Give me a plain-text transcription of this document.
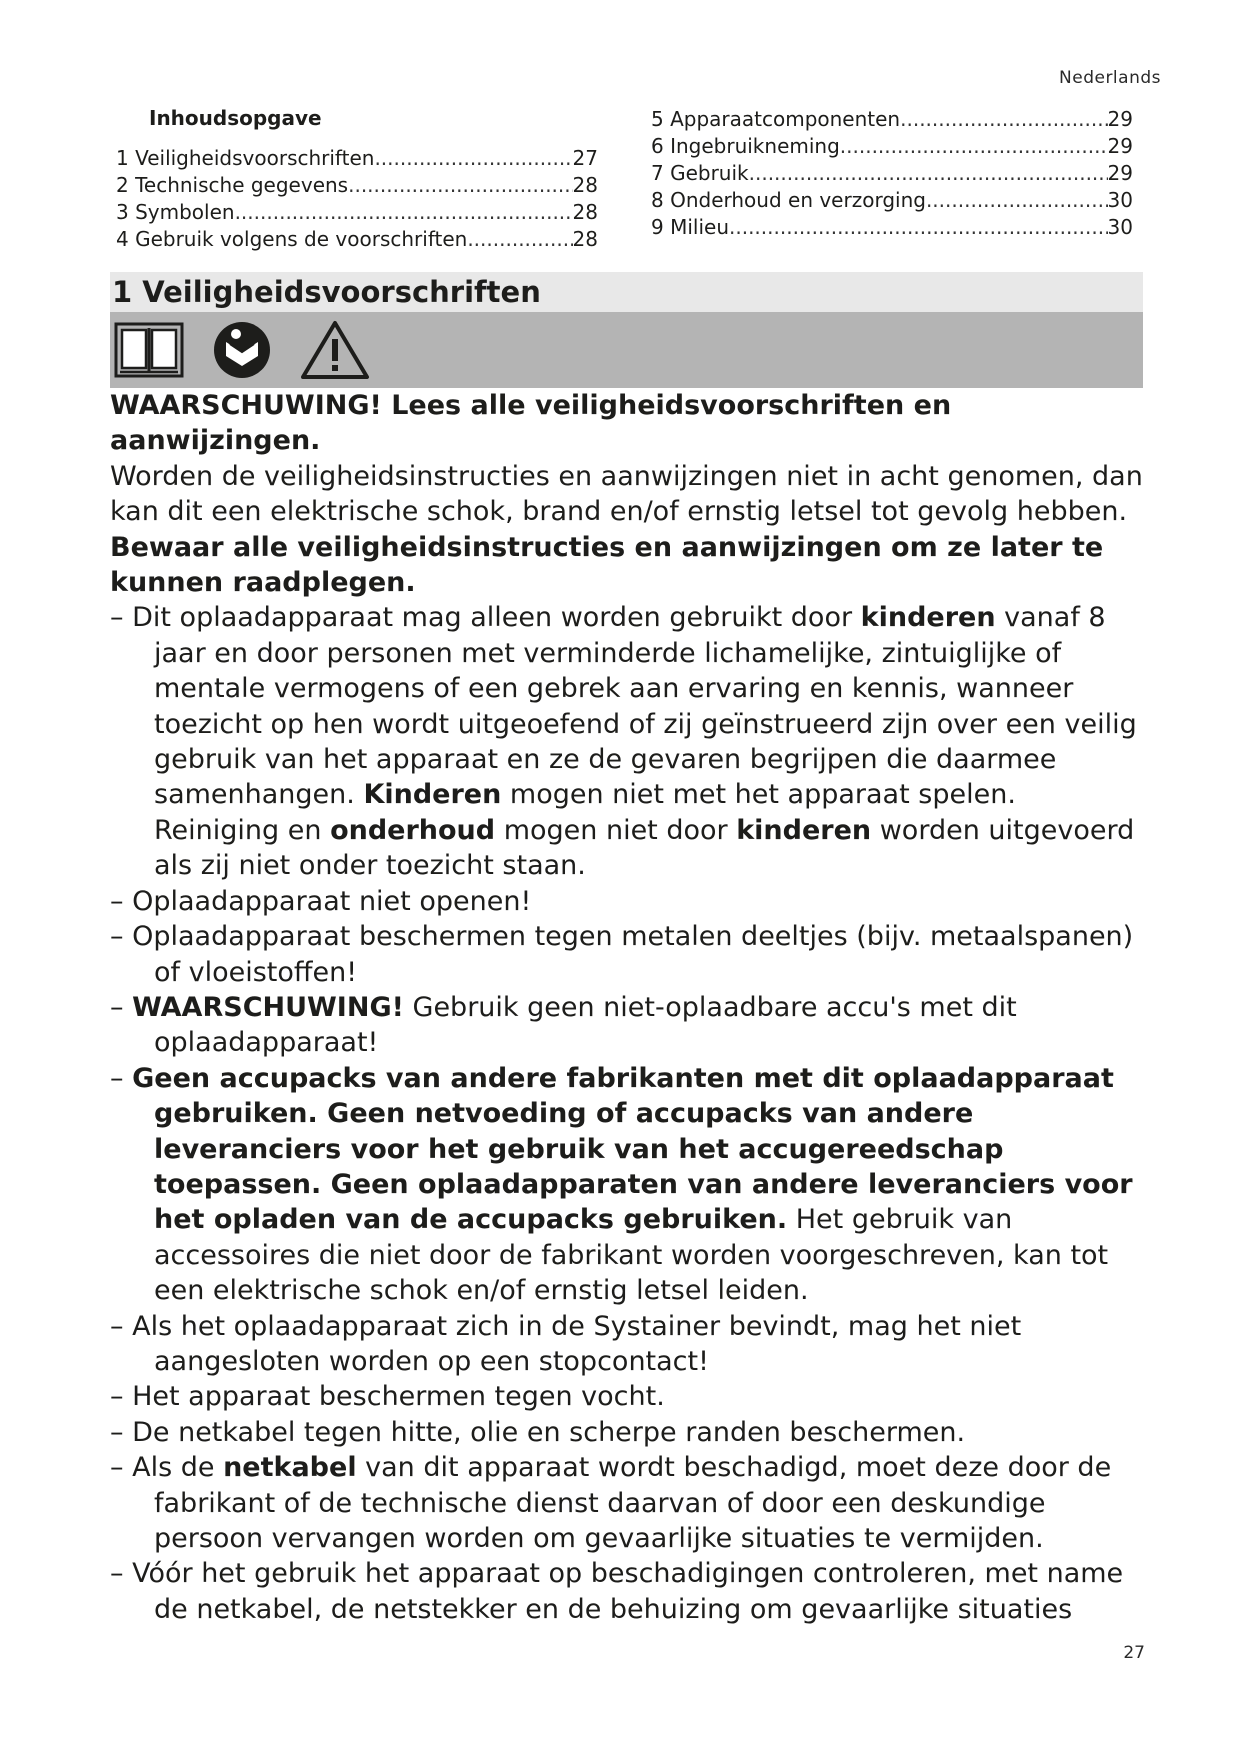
Nederlands
Inhoudsopgave
1 Veiligheidsvoorschriften .....	27
2 Technische gegevens .....	28
3 Symbolen .....	28
4 Gebruik volgens de voorschriften .....	28
5 Apparaatcomponenten .....	29
6 Ingebruikneming .....	29
7 Gebruik .....	29
8 Onderhoud en verzorging .....	30
9 Milieu .....	30
1 Veiligheidsvoorschriften

WAARSCHUWING! Lees alle veiligheidsvoorschriften en aanwijzingen.

Worden de veiligheidsinstructies en aanwijzingen niet in acht genomen, dan kan dit een elektrische schok, brand en/of ernstig letsel tot gevolg hebben.

Bewaar alle veiligheidsinstructies en aanwijzingen om ze later te kunnen raadplegen.

– Dit oplaadapparaat mag alleen worden gebruikt door kinderen vanaf 8 jaar en door personen met verminderde lichamelijke, zintuiglijke of mentale vermogens of een gebrek aan ervaring en kennis, wanneer toezicht op hen wordt uitgeoefend of zij geïnstrueerd zijn over een veilig gebruik van het apparaat en ze de gevaren begrijpen die daarmee samenhangen. Kinderen mogen niet met het apparaat spelen. Reiniging en onderhoud mogen niet door kinderen worden uitgevoerd als zij niet onder toezicht staan.
– Oplaadapparaat niet openen!
– Oplaadapparaat beschermen tegen metalen deeltjes (bijv. metaalspanen) of vloeistoffen!
– WAARSCHUWING! Gebruik geen niet-oplaadbare accu's met dit oplaadapparaat!
– Geen accupacks van andere fabrikanten met dit oplaadapparaat gebruiken. Geen netvoeding of accupacks van andere leveranciers voor het gebruik van het accugereedschap toepassen. Geen oplaadapparaten van andere leveranciers voor het opladen van de accupacks gebruiken. Het gebruik van accessoires die niet door de fabrikant worden voorgeschreven, kan tot een elektrische schok en/of ernstig letsel leiden.
– Als het oplaadapparaat zich in de Systainer bevindt, mag het niet aangesloten worden op een stopcontact!
– Het apparaat beschermen tegen vocht.
– De netkabel tegen hitte, olie en scherpe randen beschermen.
– Als de netkabel van dit apparaat wordt beschadigd, moet deze door de fabrikant of de technische dienst daarvan of door een deskundige persoon vervangen worden om gevaarlijke situaties te vermijden.
– Vóór het gebruik het apparaat op beschadigingen controleren, met name de netkabel, de netstekker en de behuizing om gevaarlijke situaties
27
